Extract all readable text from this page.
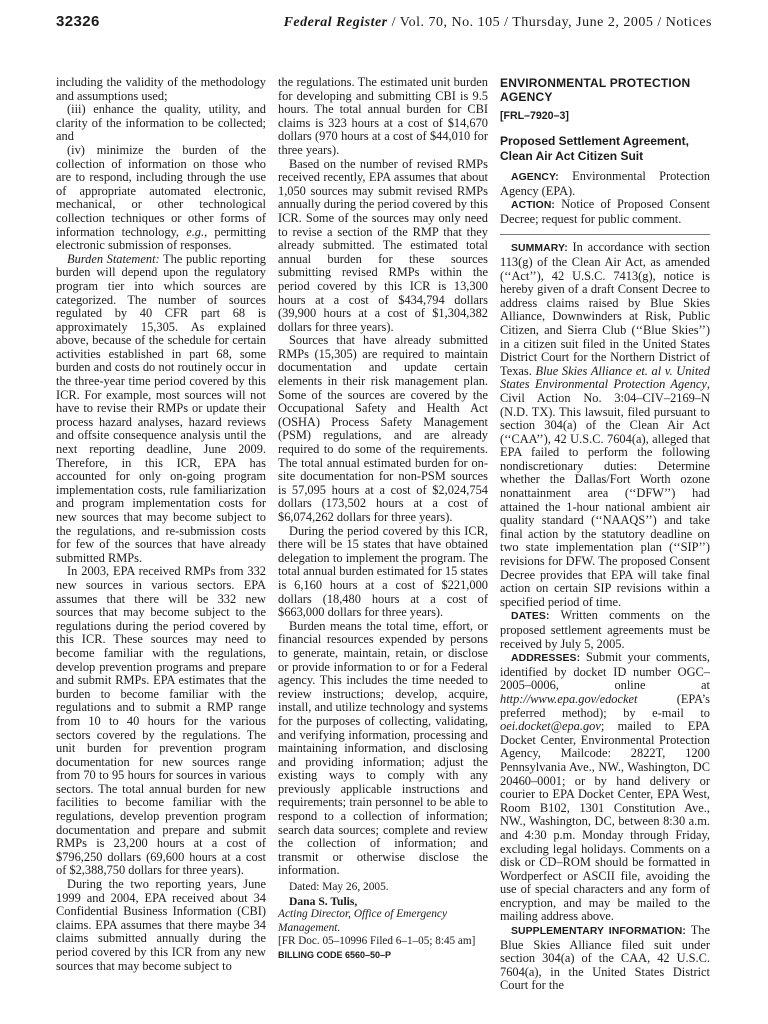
32326	Federal Register / Vol. 70, No. 105 / Thursday, June 2, 2005 / Notices

including the validity of the methodology and assumptions used;

(iii) enhance the quality, utility, and clarity of the information to be collected; and

(iv) minimize the burden of the collection of information on those who are to respond, including through the use of appropriate automated electronic, mechanical, or other technological collection techniques or other forms of information technology, e.g., permitting electronic submission of responses.

Burden Statement: The public reporting burden will depend upon the regulatory program tier into which sources are categorized. The number of sources regulated by 40 CFR part 68 is approximately 15,305. As explained above, because of the schedule for certain activities established in part 68, some burden and costs do not routinely occur in the three-year time period covered by this ICR. For example, most sources will not have to revise their RMPs or update their process hazard analyses, hazard reviews and offsite consequence analysis until the next reporting deadline, June 2009. Therefore, in this ICR, EPA has accounted for only on-going program implementation costs, rule familiarization and program implementation costs for new sources that may become subject to the regulations, and re-submission costs for few of the sources that have already submitted RMPs.

In 2003, EPA received RMPs from 332 new sources in various sectors. EPA assumes that there will be 332 new sources that may become subject to the regulations during the period covered by this ICR. These sources may need to become familiar with the regulations, develop prevention programs and prepare and submit RMPs. EPA estimates that the burden to become familiar with the regulations and to submit a RMP range from 10 to 40 hours for the various sectors covered by the regulations. The unit burden for prevention program documentation for new sources range from 70 to 95 hours for sources in various sectors. The total annual burden for new facilities to become familiar with the regulations, develop prevention program documentation and prepare and submit RMPs is 23,200 hours at a cost of $796,250 dollars (69,600 hours at a cost of $2,388,750 dollars for three years).

During the two reporting years, June 1999 and 2004, EPA received about 34 Confidential Business Information (CBI) claims. EPA assumes that there maybe 34 claims submitted annually during the period covered by this ICR from any new sources that may become subject to

the regulations. The estimated unit burden for developing and submitting CBI is 9.5 hours. The total annual burden for CBI claims is 323 hours at a cost of $14,670 dollars (970 hours at a cost of $44,010 for three years).

Based on the number of revised RMPs received recently, EPA assumes that about 1,050 sources may submit revised RMPs annually during the period covered by this ICR. Some of the sources may only need to revise a section of the RMP that they already submitted. The estimated total annual burden for these sources submitting revised RMPs within the period covered by this ICR is 13,300 hours at a cost of $434,794 dollars (39,900 hours at a cost of $1,304,382 dollars for three years).

Sources that have already submitted RMPs (15,305) are required to maintain documentation and update certain elements in their risk management plan. Some of the sources are covered by the Occupational Safety and Health Act (OSHA) Process Safety Management (PSM) regulations, and are already required to do some of the requirements. The total annual estimated burden for on-site documentation for non-PSM sources is 57,095 hours at a cost of $2,024,754 dollars (173,502 hours at a cost of $6,074,262 dollars for three years).

During the period covered by this ICR, there will be 15 states that have obtained delegation to implement the program. The total annual burden estimated for 15 states is 6,160 hours at a cost of $221,000 dollars (18,480 hours at a cost of $663,000 dollars for three years).

Burden means the total time, effort, or financial resources expended by persons to generate, maintain, retain, or disclose or provide information to or for a Federal agency. This includes the time needed to review instructions; develop, acquire, install, and utilize technology and systems for the purposes of collecting, validating, and verifying information, processing and maintaining information, and disclosing and providing information; adjust the existing ways to comply with any previously applicable instructions and requirements; train personnel to be able to respond to a collection of information; search data sources; complete and review the collection of information; and transmit or otherwise disclose the information.

Dated: May 26, 2005.

Dana S. Tulis,

Acting Director, Office of Emergency Management.

[FR Doc. 05–10996 Filed 6–1–05; 8:45 am]

BILLING CODE 6560–50–P

ENVIRONMENTAL PROTECTION AGENCY

[FRL–7920–3]

Proposed Settlement Agreement, Clean Air Act Citizen Suit

AGENCY: Environmental Protection Agency (EPA).

ACTION: Notice of Proposed Consent Decree; request for public comment.

SUMMARY: In accordance with section 113(g) of the Clean Air Act, as amended (‘‘Act’’), 42 U.S.C. 7413(g), notice is hereby given of a draft Consent Decree to address claims raised by Blue Skies Alliance, Downwinders at Risk, Public Citizen, and Sierra Club (‘‘Blue Skies’’) in a citizen suit filed in the United States District Court for the Northern District of Texas. Blue Skies Alliance et. al v. United States Environmental Protection Agency, Civil Action No. 3:04–CIV–2169–N (N.D. TX). This lawsuit, filed pursuant to section 304(a) of the Clean Air Act (‘‘CAA’’), 42 U.S.C. 7604(a), alleged that EPA failed to perform the following nondiscretionary duties: Determine whether the Dallas/Fort Worth ozone nonattainment area (‘‘DFW’’) had attained the 1-hour national ambient air quality standard (‘‘NAAQS’’) and take final action by the statutory deadline on two state implementation plan (‘‘SIP’’) revisions for DFW. The proposed Consent Decree provides that EPA will take final action on certain SIP revisions within a specified period of time.

DATES: Written comments on the proposed settlement agreements must be received by July 5, 2005.

ADDRESSES: Submit your comments, identified by docket ID number OGC–2005–0006, online at http://www.epa.gov/edocket (EPA’s preferred method); by e-mail to oei.docket@epa.gov; mailed to EPA Docket Center, Environmental Protection Agency, Mailcode: 2822T, 1200 Pennsylvania Ave., NW., Washington, DC 20460–0001; or by hand delivery or courier to EPA Docket Center, EPA West, Room B102, 1301 Constitution Ave., NW., Washington, DC, between 8:30 a.m. and 4:30 p.m. Monday through Friday, excluding legal holidays. Comments on a disk or CD–ROM should be formatted in Wordperfect or ASCII file, avoiding the use of special characters and any form of encryption, and may be mailed to the mailing address above.

SUPPLEMENTARY INFORMATION: The Blue Skies Alliance filed suit under section 304(a) of the CAA, 42 U.S.C. 7604(a), in the United States District Court for the
